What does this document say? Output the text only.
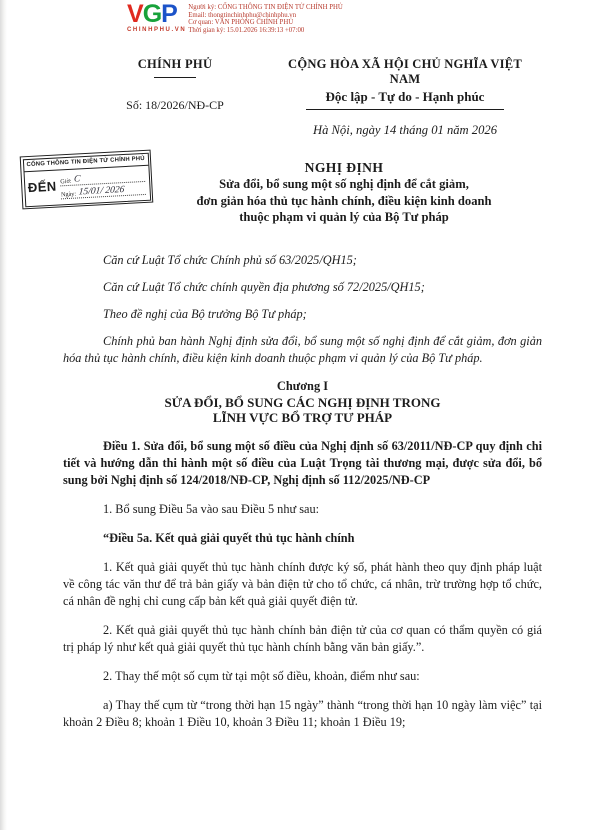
VGP
CHINHPHU.VN
Người ký: CỔNG THÔNG TIN ĐIỆN TỬ CHÍNH PHỦ
Email: thongtinchinhphu@chinhphu.vn
Cơ quan: VĂN PHÒNG CHÍNH PHỦ
Thời gian ký: 15.01.2026 16:39:13 +07:00
CHÍNH PHỦ
Số: 18/2026/NĐ-CP
CỘNG HÒA XÃ HỘI CHỦ NGHĨA VIỆT NAM
Độc lập - Tự do - Hạnh phúc
Hà Nội, ngày 14 tháng 01 năm 2026
CỔNG THÔNG TIN ĐIỆN TỬ CHÍNH PHỦ
ĐẾN Giờ: C
Ngày: 15/01/ 2026
NGHỊ ĐỊNH
Sửa đổi, bổ sung một số nghị định để cắt giảm,
đơn giản hóa thủ tục hành chính, điều kiện kinh doanh
thuộc phạm vi quản lý của Bộ Tư pháp

Căn cứ Luật Tổ chức Chính phủ số 63/2025/QH15;

Căn cứ Luật Tổ chức chính quyền địa phương số 72/2025/QH15;

Theo đề nghị của Bộ trưởng Bộ Tư pháp;

Chính phủ ban hành Nghị định sửa đổi, bổ sung một số nghị định để cắt giảm, đơn giản hóa thủ tục hành chính, điều kiện kinh doanh thuộc phạm vi quản lý của Bộ Tư pháp.

Chương I
SỬA ĐỔI, BỔ SUNG CÁC NGHỊ ĐỊNH TRONG
LĨNH VỰC BỔ TRỢ TƯ PHÁP

Điều 1. Sửa đổi, bổ sung một số điều của Nghị định số 63/2011/NĐ-CP quy định chi tiết và hướng dẫn thi hành một số điều của Luật Trọng tài thương mại, được sửa đổi, bổ sung bởi Nghị định số 124/2018/NĐ-CP, Nghị định số 112/2025/NĐ-CP

1. Bổ sung Điều 5a vào sau Điều 5 như sau:

“Điều 5a. Kết quả giải quyết thủ tục hành chính

1. Kết quả giải quyết thủ tục hành chính được ký số, phát hành theo quy định pháp luật về công tác văn thư để trả bản giấy và bản điện tử cho tổ chức, cá nhân, trừ trường hợp tổ chức, cá nhân đề nghị chỉ cung cấp bản kết quả giải quyết điện tử.

2. Kết quả giải quyết thủ tục hành chính bản điện tử của cơ quan có thẩm quyền có giá trị pháp lý như kết quả giải quyết thủ tục hành chính bằng văn bản giấy.”.

2. Thay thế một số cụm từ tại một số điều, khoản, điểm như sau:

a) Thay thế cụm từ “trong thời hạn 15 ngày” thành “trong thời hạn 10 ngày làm việc” tại khoản 2 Điều 8; khoản 1 Điều 10, khoản 3 Điều 11; khoản 1 Điều 19;
